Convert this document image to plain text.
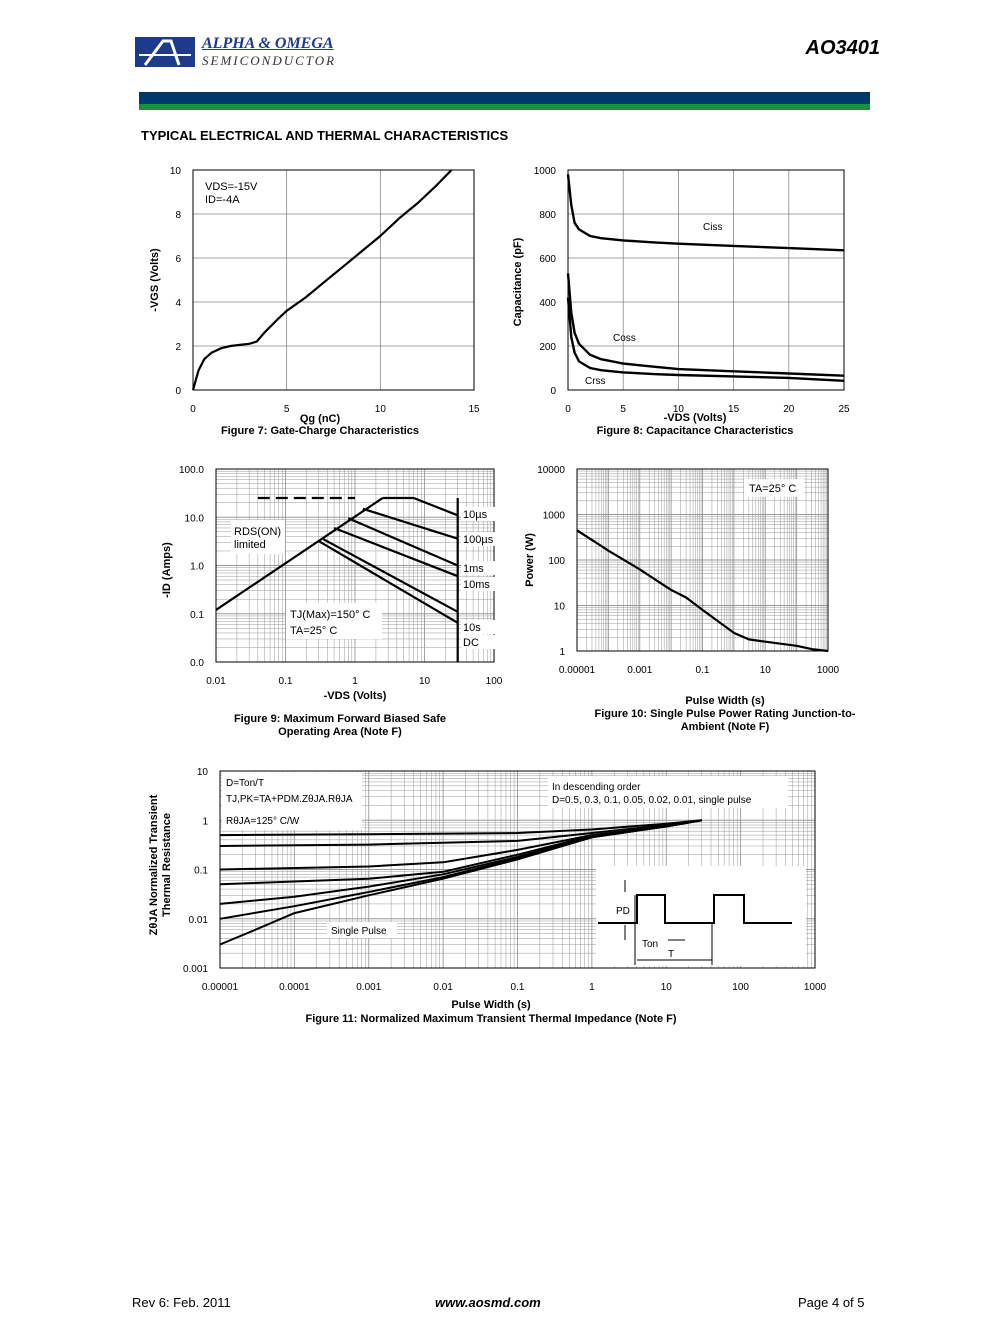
ALPHA & OMEGA
SEMICONDUCTOR
AO3401
TYPICAL ELECTRICAL AND THERMAL CHARACTERISTICS
0	5	10	15
0
2
4
6
8
10
VDS=-15V
ID=-4A
Qg (nC)
-VGS (Volts)
Figure 7: Gate-Charge Characteristics
0	5	10	15	20	25
0
200
400
600
800
1000
Ciss
Coss
Crss
-VDS (Volts)
Capacitance (pF)
Figure 8: Capacitance Characteristics
0.01	0.1	1	10	100
0.0
0.1
1.0
10.0
100.0
RDS(ON)
limited
TJ(Max)=150° C
TA=25° C
10µs
100µs
1ms
10ms
10s
DC
-VDS (Volts)
-ID (Amps)
Figure 9: Maximum Forward Biased Safe
Operating Area (Note F)
0.00001	0.001	0.1	10	1000
1
10
100
1000
10000
TA=25° C
Pulse Width (s)
Power (W)
Figure 10: Single Pulse Power Rating Junction-to-
Ambient (Note F)
0.00001	0.0001	0.001	0.01	0.1	1	10	100	1000
0.001
0.01
0.1
1
10
D=Ton/T
TJ,PK=TA+PDM.ZθJA.RθJA
RθJA=125° C/W
In descending order
D=0.5, 0.3, 0.1, 0.05, 0.02, 0.01, single pulse
Single Pulse
PD
Ton
T
Pulse Width (s)
ZθJA Normalized Transient Thermal Resistance
Figure 11: Normalized Maximum Transient Thermal Impedance (Note F)
Rev 6: Feb. 2011	www.aosmd.com	Page 4 of 5
